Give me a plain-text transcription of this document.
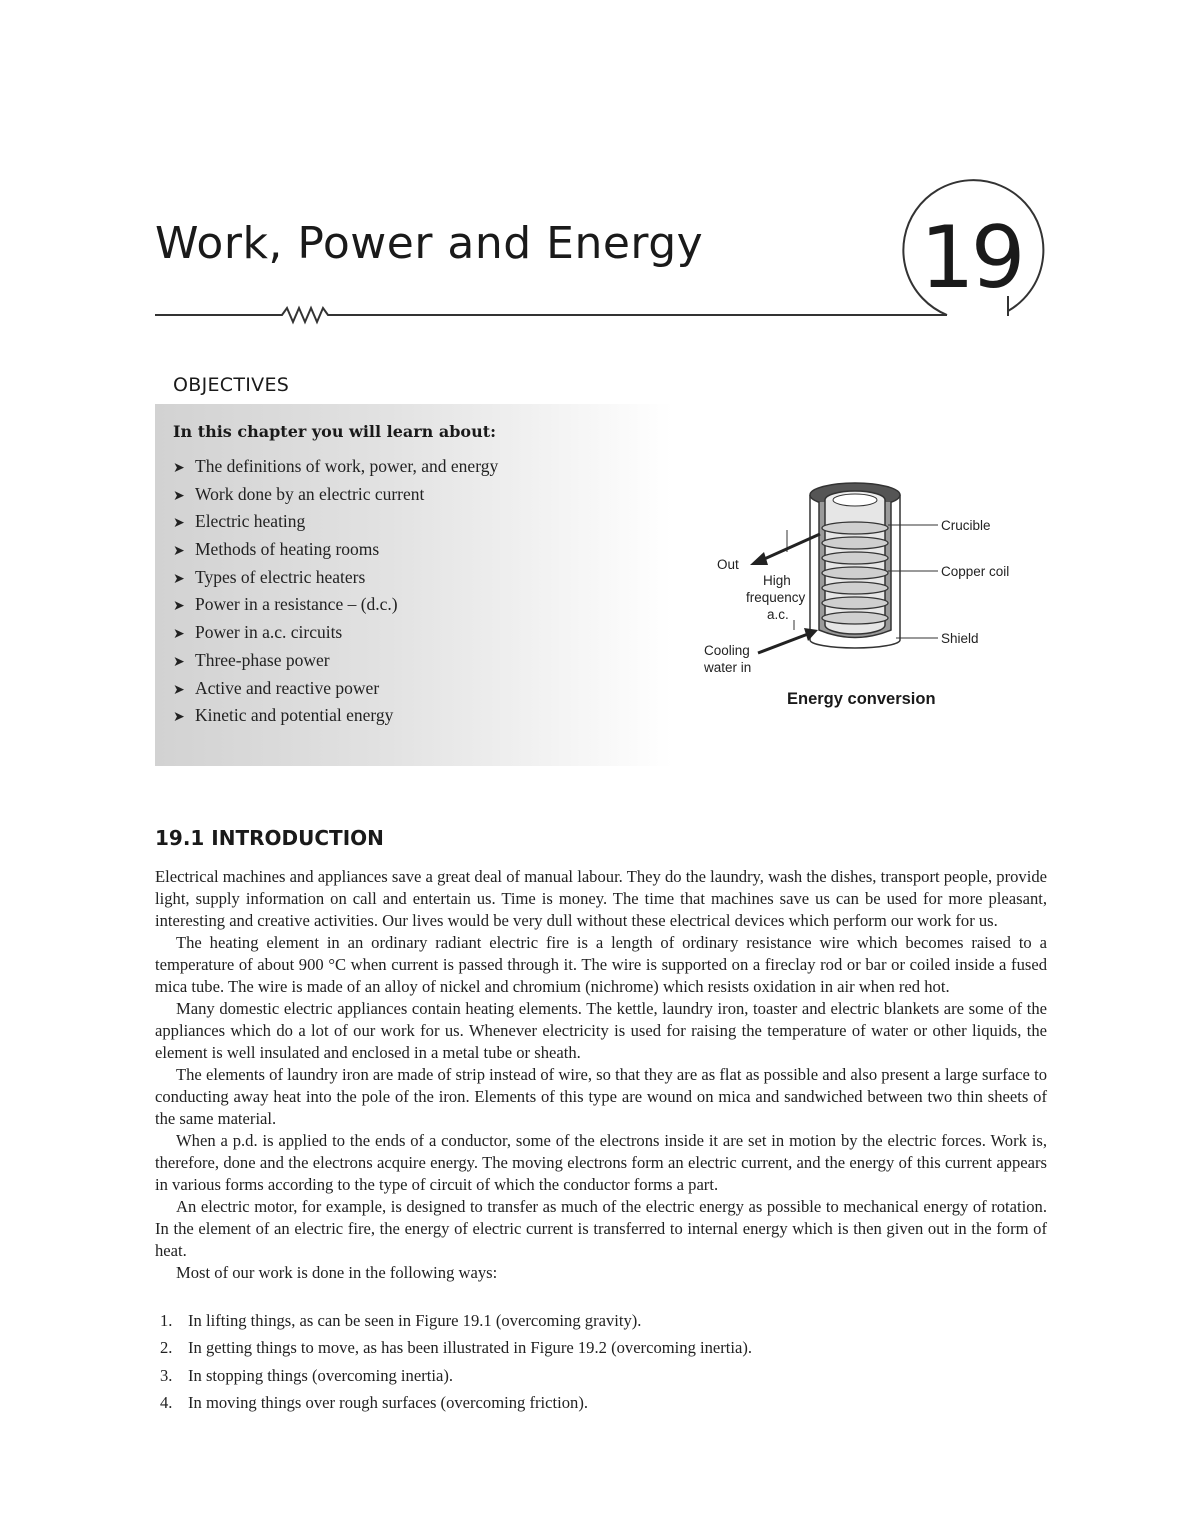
Work, Power and Energy	19
OBJECTIVES
In this chapter you will learn about:
➤ The definitions of work, power, and energy
➤ Work done by an electric current
➤ Electric heating
➤ Methods of heating rooms
➤ Types of electric heaters
➤ Power in a resistance – (d.c.)
➤ Power in a.c. circuits
➤ Three-phase power
➤ Active and reactive power
➤ Kinetic and potential energy
Crucible
Copper coil
Shield
Out
High
frequency
a.c.
Cooling
water in
Energy conversion
19.1 INTRODUCTION

Electrical machines and appliances save a great deal of manual labour. They do the laundry, wash the dishes, transport people, provide light, supply information on call and entertain us. Time is money. The time that machines save us can be used for more pleasant, interesting and creative activities. Our lives would be very dull without these electrical devices which perform our work for us.

The heating element in an ordinary radiant electric fire is a length of ordinary resistance wire which becomes raised to a temperature of about 900 °C when current is passed through it. The wire is supported on a fireclay rod or bar or coiled inside a fused mica tube. The wire is made of an alloy of nickel and chromium (nichrome) which resists oxidation in air when red hot.

Many domestic electric appliances contain heating elements. The kettle, laundry iron, toaster and electric blankets are some of the appliances which do a lot of our work for us. Whenever electricity is used for raising the temperature of water or other liquids, the element is well insulated and enclosed in a metal tube or sheath.

The elements of laundry iron are made of strip instead of wire, so that they are as flat as possible and also present a large surface to conducting away heat into the pole of the iron. Elements of this type are wound on mica and sandwiched between two thin sheets of the same material.

When a p.d. is applied to the ends of a conductor, some of the electrons inside it are set in motion by the electric forces. Work is, therefore, done and the electrons acquire energy. The moving electrons form an electric current, and the energy of this current appears in various forms according to the type of circuit of which the conductor forms a part.

An electric motor, for example, is designed to transfer as much of the electric energy as possible to mechanical energy of rotation. In the element of an electric fire, the energy of electric current is transferred to internal energy which is then given out in the form of heat.

Most of our work is done in the following ways:

1. In lifting things, as can be seen in Figure 19.1 (overcoming gravity).
2. In getting things to move, as has been illustrated in Figure 19.2 (overcoming inertia).
3. In stopping things (overcoming inertia).
4. In moving things over rough surfaces (overcoming friction).
